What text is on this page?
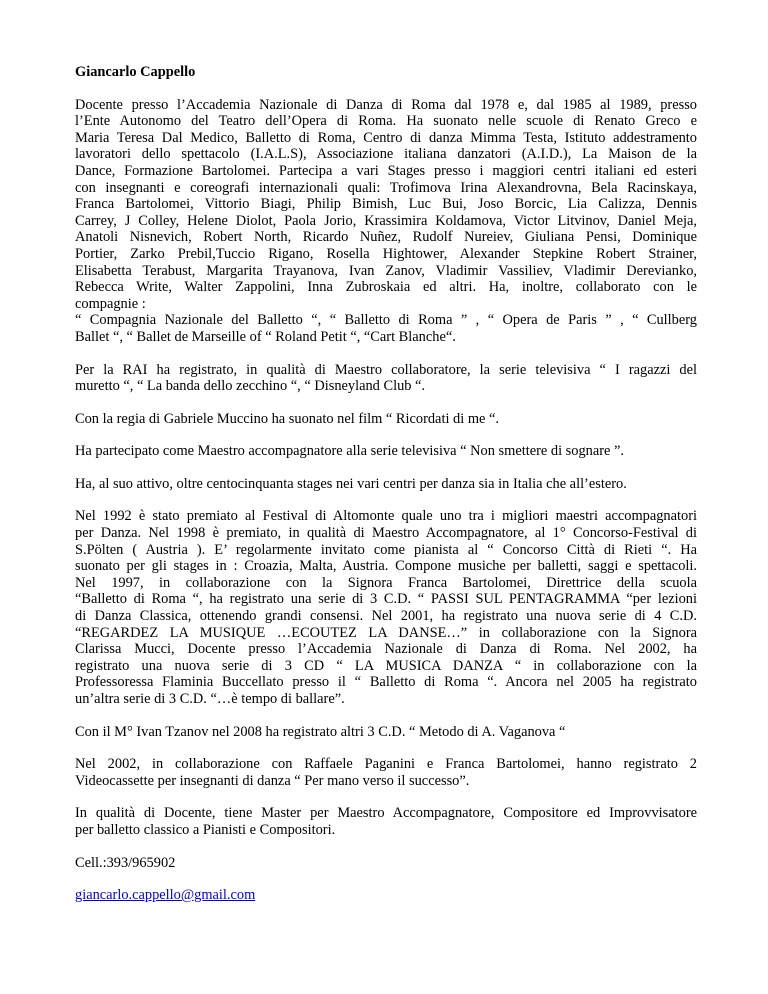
Giancarlo Cappello
Docente presso l’Accademia Nazionale di Danza di Roma dal 1978 e, dal 1985 al 1989, presso
l’Ente Autonomo del Teatro dell’Opera di Roma. Ha suonato nelle scuole di Renato Greco e
Maria Teresa Dal Medico, Balletto di Roma, Centro di danza Mimma Testa, Istituto addestramento
lavoratori dello spettacolo (I.A.L.S), Associazione italiana danzatori (A.I.D.), La Maison de la
Dance, Formazione Bartolomei. Partecipa a vari Stages presso i maggiori centri italiani ed esteri
con insegnanti e coreografi internazionali quali: Trofimova Irina Alexandrovna, Bela Racinskaya,
Franca Bartolomei, Vittorio Biagi, Philip Bimish, Luc Bui, Joso Borcic, Lia Calizza, Dennis
Carrey, J Colley, Helene Diolot, Paola Jorio, Krassimira Koldamova, Victor Litvinov, Daniel Meja,
Anatoli Nisnevich, Robert North, Ricardo Nuñez, Rudolf Nureiev, Giuliana Pensi, Dominique
Portier, Zarko Prebil,Tuccio Rigano, Rosella Hightower, Alexander Stepkine Robert Strainer,
Elisabetta Terabust, Margarita Trayanova, Ivan Zanov, Vladimir Vassiliev, Vladimir Derevianko,
Rebecca Write, Walter Zappolini, Inna Zubroskaia ed altri. Ha, inoltre, collaborato con le
compagnie :
“ Compagnia Nazionale del Balletto “, “ Balletto di Roma ” , “ Opera de Paris ” , “ Cullberg
Ballet “, “ Ballet de Marseille of “ Roland Petit “, “Cart Blanche“.
Per la RAI ha registrato, in qualità di Maestro collaboratore, la serie televisiva “ I ragazzi del
muretto “, “ La banda dello zecchino “, “ Disneyland Club “.
Con la regia di Gabriele Muccino ha suonato nel film “ Ricordati di me “.
Ha partecipato come Maestro accompagnatore alla serie televisiva “ Non smettere di sognare ”.
Ha, al suo attivo, oltre centocinquanta stages nei vari centri per danza sia in Italia che all’estero.
Nel 1992 è stato premiato al Festival di Altomonte quale uno tra i migliori maestri accompagnatori
per Danza. Nel 1998 è premiato, in qualità di Maestro Accompagnatore, al 1° Concorso-Festival di
S.Pölten ( Austria ). E’ regolarmente invitato come pianista al “ Concorso Città di Rieti “. Ha
suonato per gli stages in : Croazia, Malta, Austria. Compone musiche per balletti, saggi e spettacoli.
Nel 1997, in collaborazione con la Signora Franca Bartolomei, Direttrice della scuola
“Balletto di Roma “, ha registrato una serie di 3 C.D. “ PASSI SUL PENTAGRAMMA “per lezioni
di Danza Classica, ottenendo grandi consensi. Nel 2001, ha registrato una nuova serie di 4 C.D.
“REGARDEZ LA MUSIQUE …ECOUTEZ LA DANSE…” in collaborazione con la Signora
Clarissa Mucci, Docente presso l’Accademia Nazionale di Danza di Roma. Nel 2002, ha
registrato una nuova serie di 3 CD “ LA MUSICA DANZA “ in collaborazione con la
Professoressa Flaminia Buccellato presso il “ Balletto di Roma “. Ancora nel 2005 ha registrato
un’altra serie di 3 C.D. “…è tempo di ballare”.
Con il M° Ivan Tzanov nel 2008 ha registrato altri 3 C.D. “ Metodo di A. Vaganova “
Nel 2002, in collaborazione con Raffaele Paganini e Franca Bartolomei, hanno registrato 2
Videocassette per insegnanti di danza “ Per mano verso il successo”.
In qualità di Docente, tiene Master per Maestro Accompagnatore, Compositore ed Improvvisatore
per balletto classico a Pianisti e Compositori.
Cell.:393/965902
giancarlo.cappello@gmail.com
